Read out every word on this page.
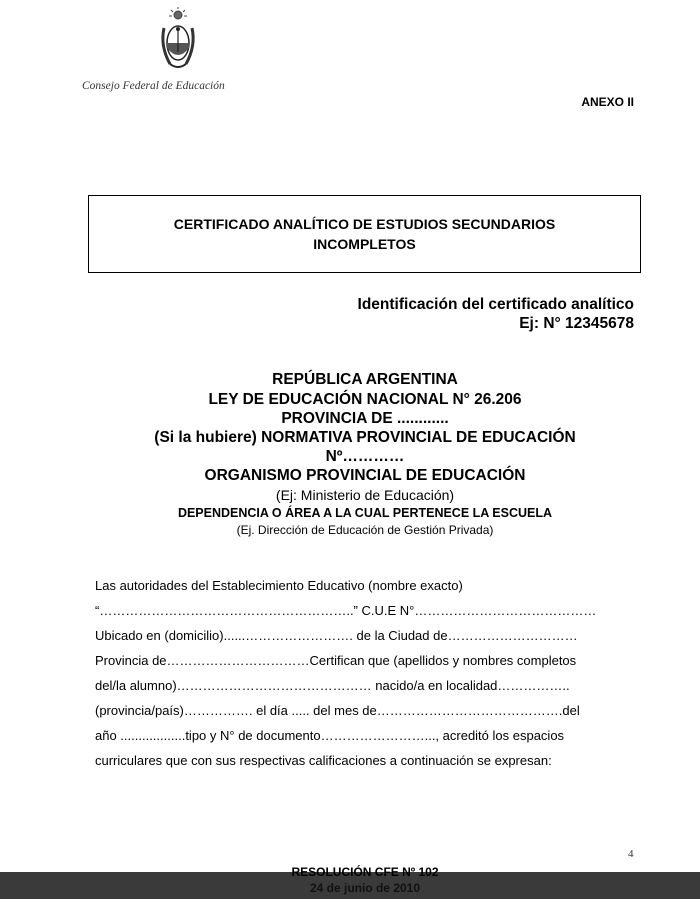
Consejo Federal de Educación
ANEXO II
CERTIFICADO ANALÍTICO DE ESTUDIOS SECUNDARIOS
INCOMPLETOS
Identificación del certificado analítico
Ej: N° 12345678
REPÚBLICA ARGENTINA
LEY DE EDUCACIÓN NACIONAL N° 26.206
PROVINCIA DE ............
(Si la hubiere) NORMATIVA PROVINCIAL DE EDUCACIÓN
Nº…………
ORGANISMO PROVINCIAL DE EDUCACIÓN
(Ej: Ministerio de Educación)
DEPENDENCIA O ÁREA A LA CUAL PERTENECE LA ESCUELA
(Ej. Dirección de Educación de Gestión Privada)
Las autoridades del Establecimiento Educativo (nombre exacto)
“…………………………………………………..” C.U.E N°……………………………………
Ubicado en (domicilio)......……………………. de la Ciudad de…………………………
Provincia de……………………………Certifican que (apellidos y nombres completos
del/la alumno)……………………………………… nacido/a en localidad……………..
(provincia/país)……………. el día ..... del mes de…………………………………….del
año ..................tipo y N° de documento……………………..., acreditó los espacios
curriculares que con sus respectivas calificaciones a continuación se expresan:
4
RESOLUCIÓN CFE Nº 102
24 de junio de 2010
